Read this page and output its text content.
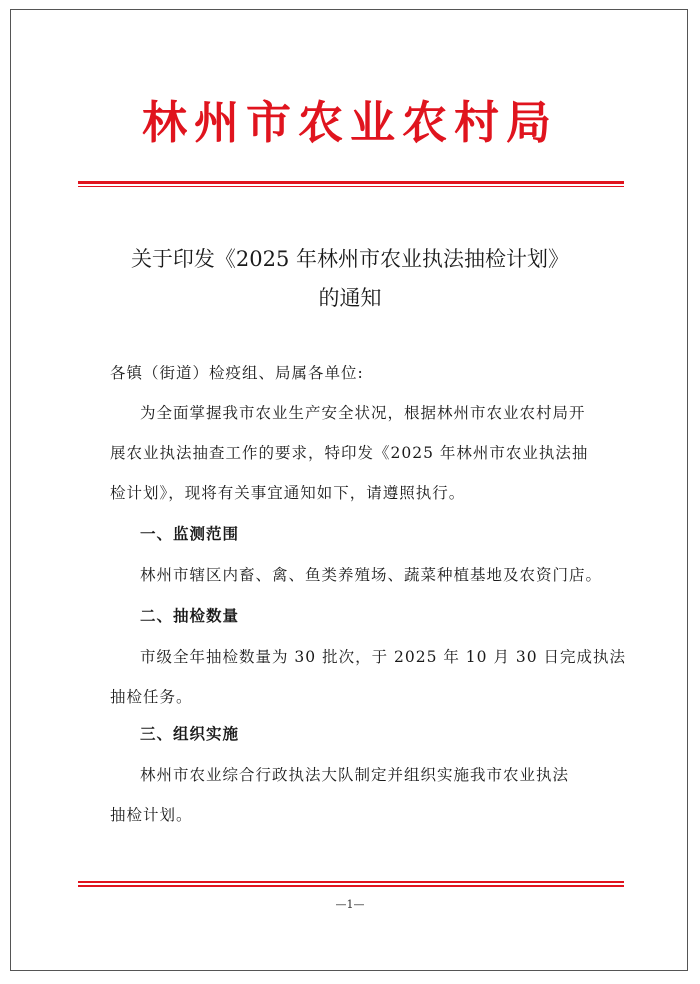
林州市农业农村局
关于印发《2025 年林州市农业执法抽检计划》
的通知
各镇（街道）检疫组、局属各单位:
为全面掌握我市农业生产安全状况，根据林州市农业农村局开
展农业执法抽查工作的要求，特印发《2025 年林州市农业执法抽
检计划》，现将有关事宜通知如下，请遵照执行。
一、监测范围
林州市辖区内畜、禽、鱼类养殖场、蔬菜种植基地及农资门店。
二、抽检数量
市级全年抽检数量为 30 批次，于 2025 年 10 月 30 日完成执法
抽检任务。
三、组织实施
林州市农业综合行政执法大队制定并组织实施我市农业执法
抽检计划。
—1—
